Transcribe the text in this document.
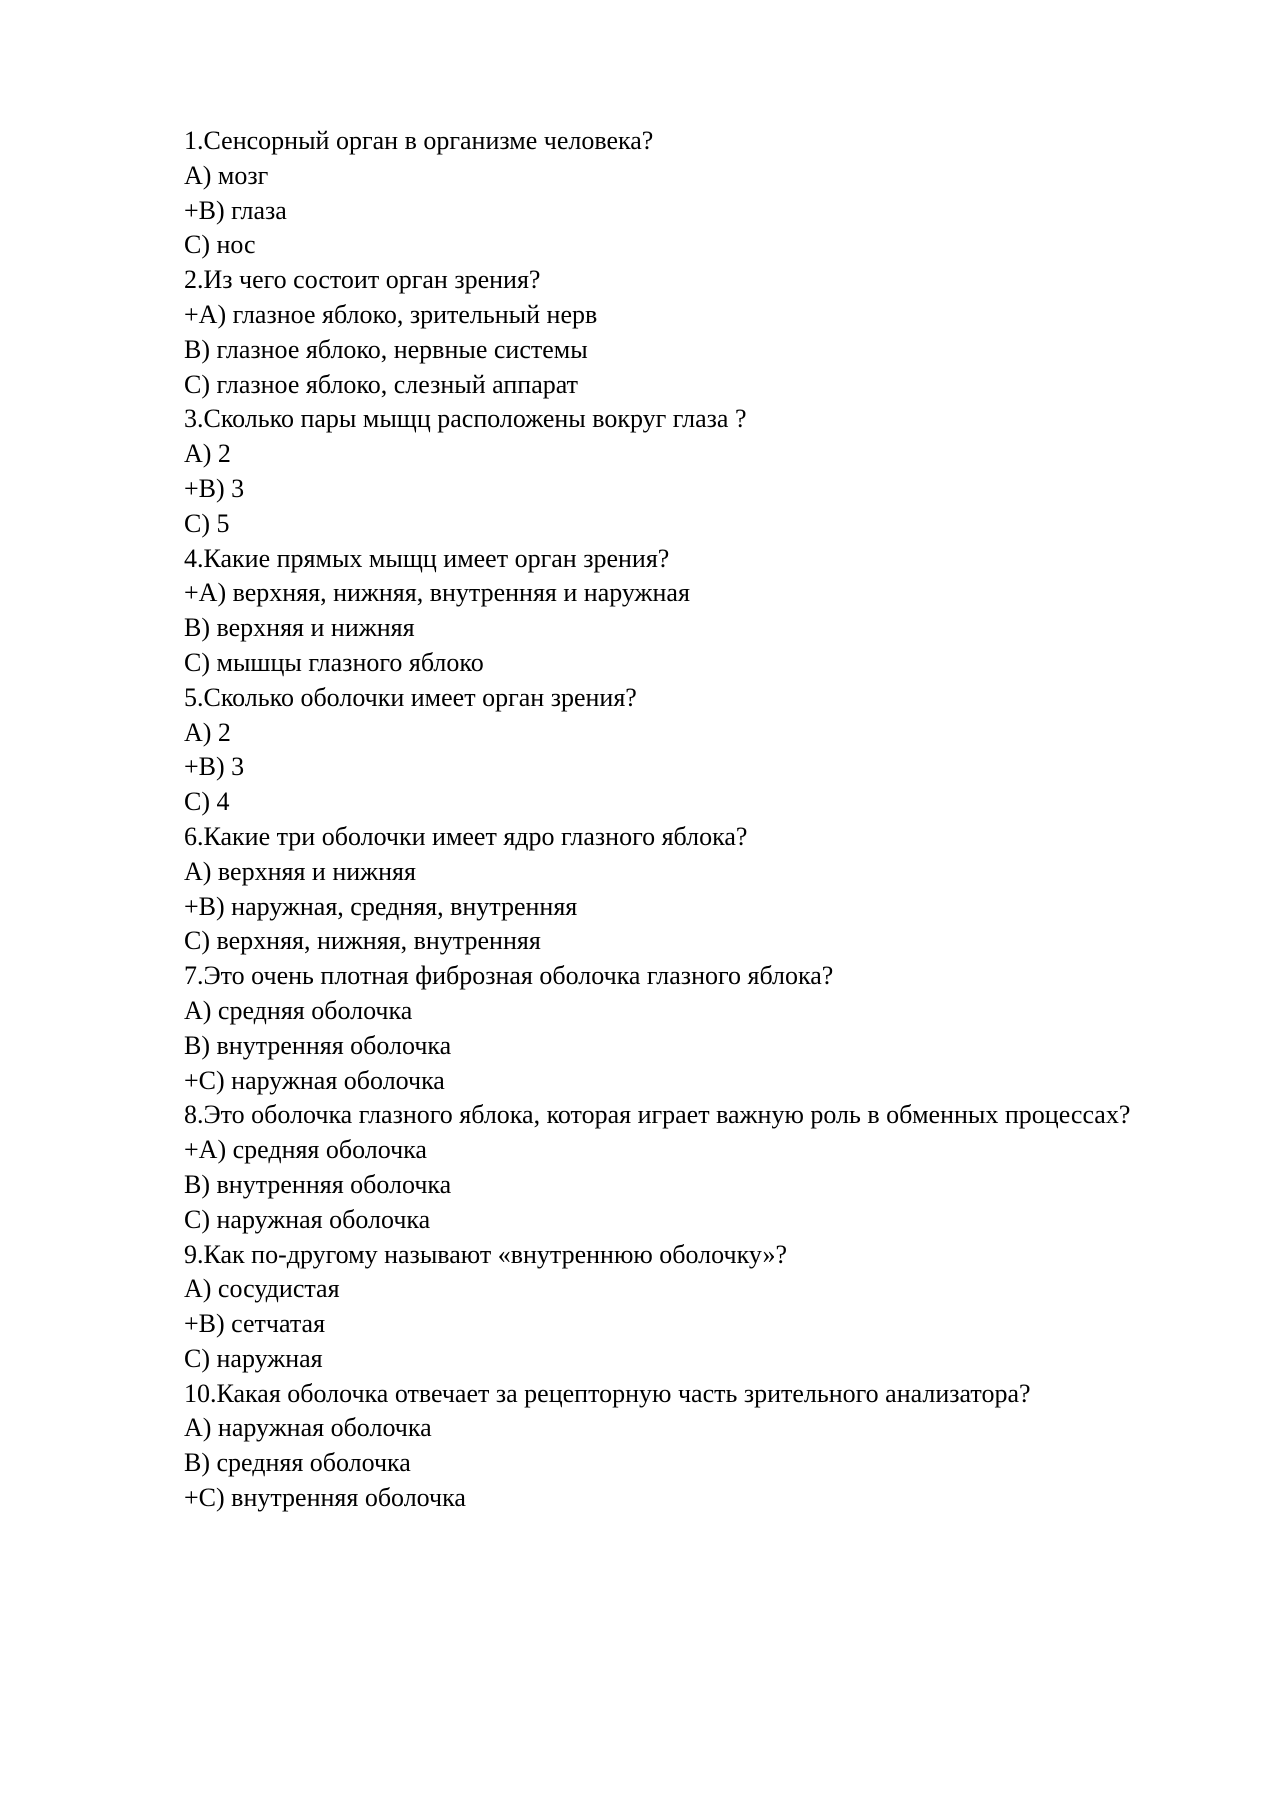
1.Сенсорный орган в организме человека?
А) мозг
+В) глаза
С) нос
2.Из чего состоит орган зрения?
+А) глазное яблоко, зрительный нерв
В) глазное яблоко, нервные системы
С) глазное яблоко, слезный аппарат
3.Сколько пары мыщц расположены вокруг глаза ?
А) 2
+В) 3
С) 5
4.Какие прямых мыщц имеет орган зрения?
+А) верхняя, нижняя, внутренняя и наружная
В) верхняя и нижняя
С) мышцы глазного яблоко
5.Сколько оболочки имеет орган зрения?
А) 2
+В) 3
С) 4
6.Какие три оболочки имеет ядро глазного яблока?
А) верхняя и нижняя
+В) наружная, средняя, внутренняя
С) верхняя, нижняя, внутренняя
7.Это очень плотная фиброзная оболочка глазного яблока?
А) средняя оболочка
В) внутренняя оболочка
+С) наружная оболочка
8.Это оболочка глазного яблока, которая играет важную роль в обменных процессах?
+А) средняя оболочка
В) внутренняя оболочка
С) наружная оболочка
9.Как по-другому называют «внутреннюю оболочку»?
А) сосудистая
+В) сетчатая
С) наружная
10.Какая оболочка отвечает за рецепторную часть зрительного анализатора?
А) наружная оболочка
В) средняя оболочка
+С) внутренняя оболочка
